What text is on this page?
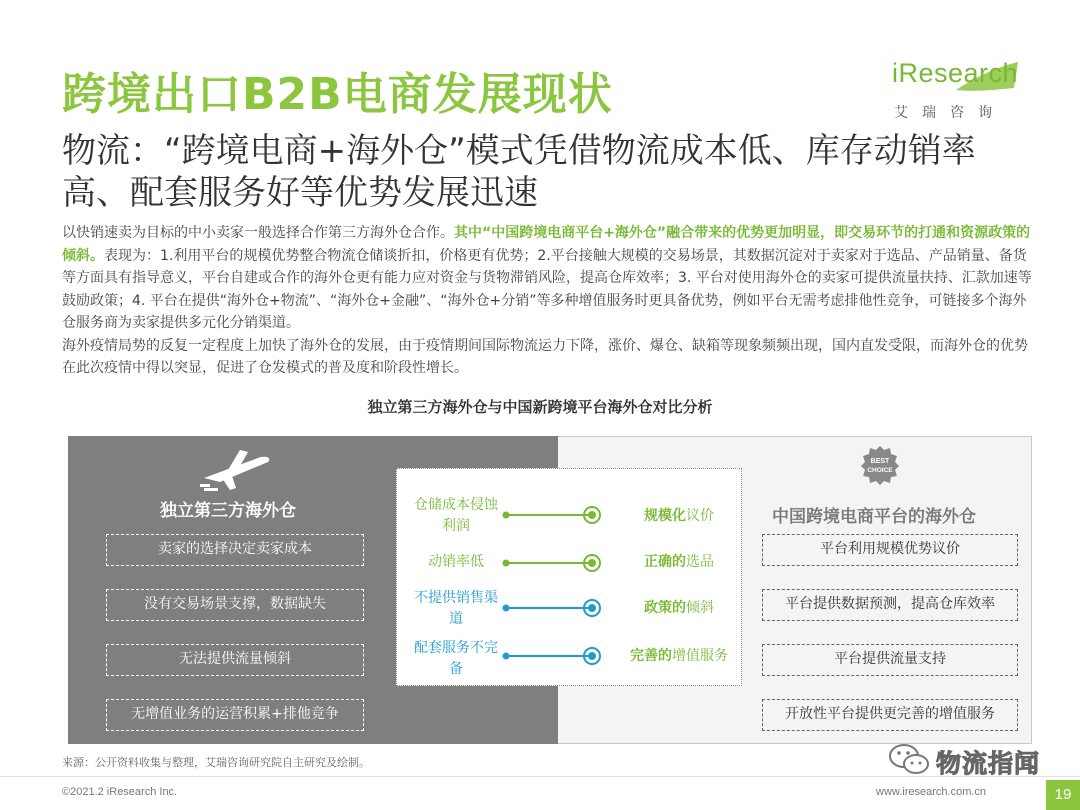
跨境出口B2B电商发展现状	iResearch
艾瑞咨询
物流：“跨境电商+海外仓”模式凭借物流成本低、库存动销率高、配套服务好等优势发展迅速

以快销速卖为目标的中小卖家一般选择合作第三方海外仓合作。其中“中国跨境电商平台+海外仓”融合带来的优势更加明显，即交易环节的打通和资源政策的倾斜。表现为：1.利用平台的规模优势整合物流仓储谈折扣，价格更有优势；2.平台接触大规模的交易场景，其数据沉淀对于卖家对于选品、产品销量、备货等方面具有指导意义，平台自建或合作的海外仓更有能力应对资金与货物滞销风险，提高仓库效率；3. 平台对使用海外仓的卖家可提供流量扶持、汇款加速等鼓励政策；4. 平台在提供“海外仓+物流”、“海外仓+金融”、“海外仓+分销”等多种增值服务时更具备优势，例如平台无需考虑排他性竞争，可链接多个海外仓服务商为卖家提供多元化分销渠道。

海外疫情局势的反复一定程度上加快了海外仓的发展，由于疫情期间国际物流运力下降，涨价、爆仓、缺箱等现象频频出现，国内直发受限，而海外仓的优势在此次疫情中得以突显，促进了仓发模式的普及度和阶段性增长。

独立第三方海外仓与中国新跨境平台海外仓对比分析
独立第三方海外仓
卖家的选择决定卖家成本
没有交易场景支撑，数据缺失
无法提供流量倾斜
无增值业务的运营积累+排他竞争
仓储成本侵蚀利润
动销率低
不提供销售渠道
配套服务不完备
规模化议价
正确的选品
政策的倾斜
完善的增值服务
BEST
CHOICE
中国跨境电商平台的海外仓
平台利用规模优势议价
平台提供数据预测，提高仓库效率
平台提供流量支持
开放性平台提供更完善的增值服务
来源：公开资料收集与整理，艾瑞咨询研究院自主研究及绘制。
©2021.2 iResearch Inc.	www.iresearch.com.cn
物流指闻
19
